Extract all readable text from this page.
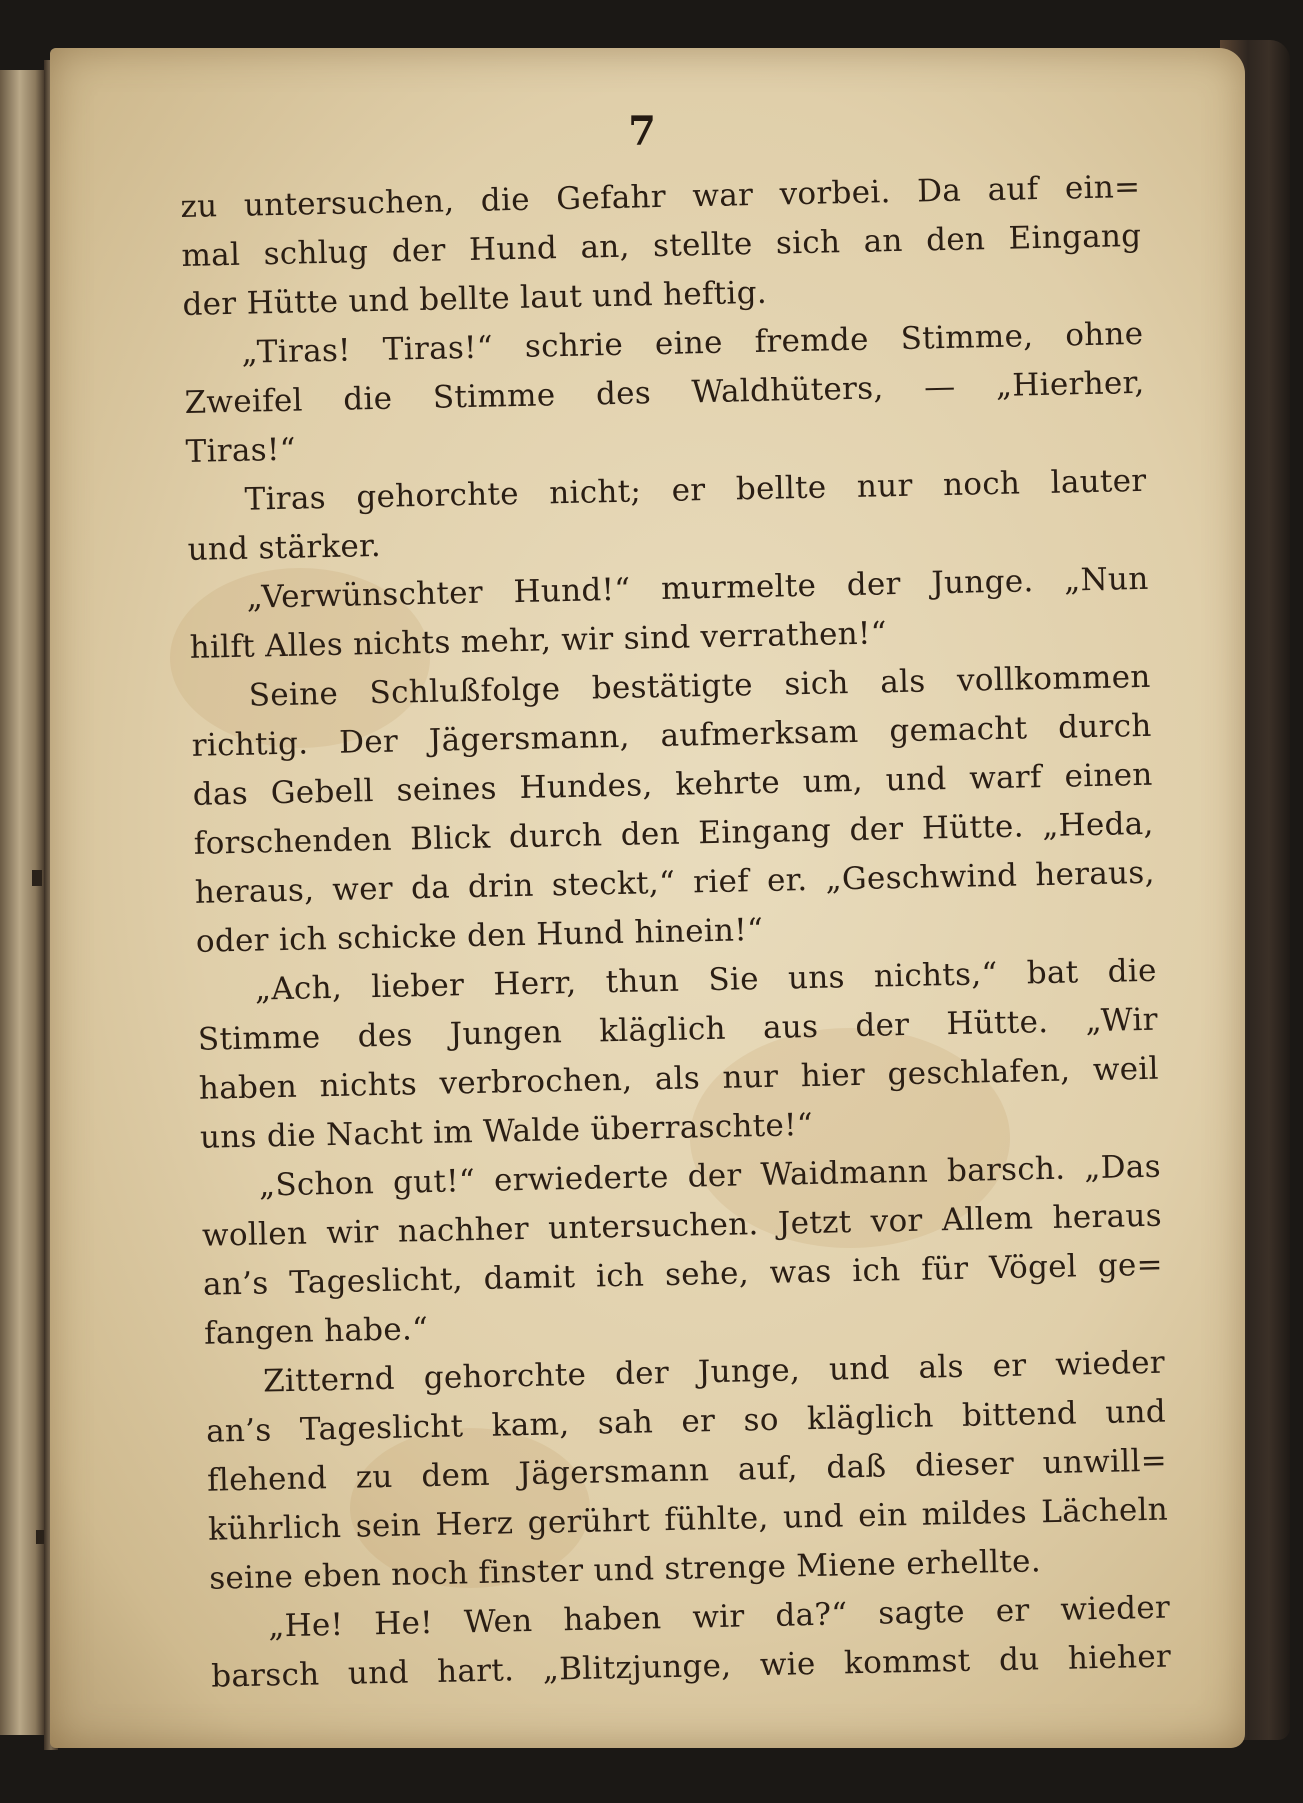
7
zu untersuchen, die Gefahr war vorbei. Da auf ein=
mal schlug der Hund an, stellte sich an den Eingang
der Hütte und bellte laut und heftig.
„Tiras! Tiras!“ schrie eine fremde Stimme, ohne
Zweifel die Stimme des Waldhüters, — „Hierher,
Tiras!“
Tiras gehorchte nicht; er bellte nur noch lauter
und stärker.
„Verwünschter Hund!“ murmelte der Junge. „Nun
hilft Alles nichts mehr, wir sind verrathen!“
Seine Schlußfolge bestätigte sich als vollkommen
richtig. Der Jägersmann, aufmerksam gemacht durch
das Gebell seines Hundes, kehrte um, und warf einen
forschenden Blick durch den Eingang der Hütte. „Heda,
heraus, wer da drin steckt,“ rief er. „Geschwind heraus,
oder ich schicke den Hund hinein!“
„Ach, lieber Herr, thun Sie uns nichts,“ bat die
Stimme des Jungen kläglich aus der Hütte. „Wir
haben nichts verbrochen, als nur hier geschlafen, weil
uns die Nacht im Walde überraschte!“
„Schon gut!“ erwiederte der Waidmann barsch. „Das
wollen wir nachher untersuchen. Jetzt vor Allem heraus
an’s Tageslicht, damit ich sehe, was ich für Vögel ge=
fangen habe.“
Zitternd gehorchte der Junge, und als er wieder
an’s Tageslicht kam, sah er so kläglich bittend und
flehend zu dem Jägersmann auf, daß dieser unwill=
kührlich sein Herz gerührt fühlte, und ein mildes Lächeln
seine eben noch finster und strenge Miene erhellte.
„He! He! Wen haben wir da?“ sagte er wieder
barsch und hart. „Blitzjunge, wie kommst du hieher
